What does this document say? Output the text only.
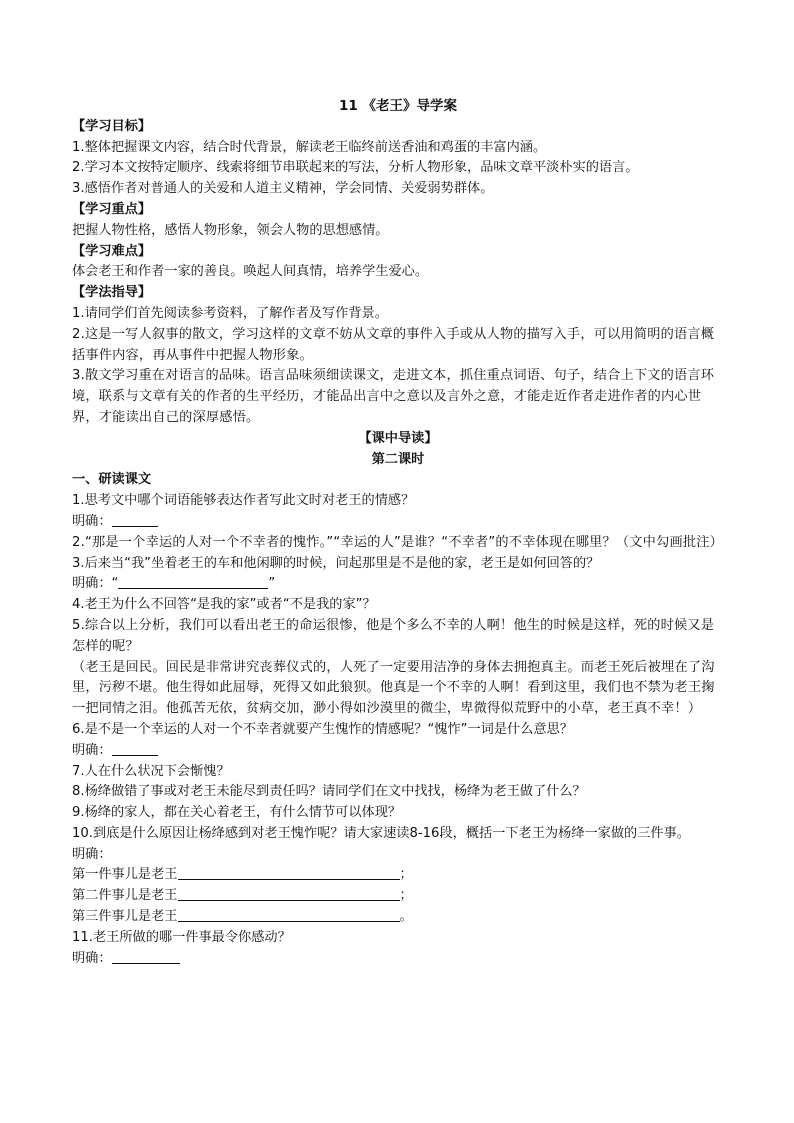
11 《老王》导学案
【学习目标】
1.整体把握课文内容，结合时代背景，解读老王临终前送香油和鸡蛋的丰富内涵。
2.学习本文按特定顺序、线索将细节串联起来的写法，分析人物形象，品味文章平淡朴实的语言。
3.感悟作者对普通人的关爱和人道主义精神，学会同情、关爱弱势群体。
【学习重点】
把握人物性格，感悟人物形象，领会人物的思想感情。
【学习难点】
体会老王和作者一家的善良。唤起人间真情，培养学生爱心。
【学法指导】
1.请同学们首先阅读参考资料，了解作者及写作背景。
2.这是一写人叙事的散文，学习这样的文章不妨从文章的事件入手或从人物的描写入手，可以用简明的语言概括事件内容，再从事件中把握人物形象。
3.散文学习重在对语言的品味。语言品味须细读课文，走进文本，抓住重点词语、句子，结合上下文的语言环境，联系与文章有关的作者的生平经历，才能品出言中之意以及言外之意，才能走近作者走进作者的内心世界，才能读出自己的深厚感悟。
【课中导读】
第二课时
一、研读课文
1.思考文中哪个词语能够表达作者写此文时对老王的情感？
明确：
2.“那是一个幸运的人对一个不幸者的愧怍。”“幸运的人”是谁？“不幸者”的不幸体现在哪里？（文中勾画批注）
3.后来当“我”坐着老王的车和他闲聊的时候，问起那里是不是他的家，老王是如何回答的？
明确：“	”
4.老王为什么不回答“是我的家”或者“不是我的家”？
5.综合以上分析，我们可以看出老王的命运很惨，他是个多么不幸的人啊！他生的时候是这样，死的时候又是怎样的呢？
（老王是回民。回民是非常讲究丧葬仪式的，人死了一定要用洁净的身体去拥抱真主。而老王死后被埋在了沟里，污秽不堪。他生得如此屈辱，死得又如此狼狈。他真是一个不幸的人啊！看到这里，我们也不禁为老王掬一把同情之泪。他孤苦无依，贫病交加，渺小得如沙漠里的微尘，卑微得似荒野中的小草，老王真不幸！）
6.是不是一个幸运的人对一个不幸者就要产生愧怍的情感呢？“愧怍”一词是什么意思？
明确：
7.人在什么状况下会惭愧？
8.杨绛做错了事或对老王未能尽到责任吗？请同学们在文中找找，杨绛为老王做了什么？
9.杨绛的家人，都在关心着老王，有什么情节可以体现？
10.到底是什么原因让杨绛感到对老王愧怍呢？请大家速读8-16段，概括一下老王为杨绛一家做的三件事。
明确：
第一件事儿是老王	；
第二件事儿是老王	；
第三件事儿是老王	。
11.老王所做的哪一件事最令你感动？
明确：
